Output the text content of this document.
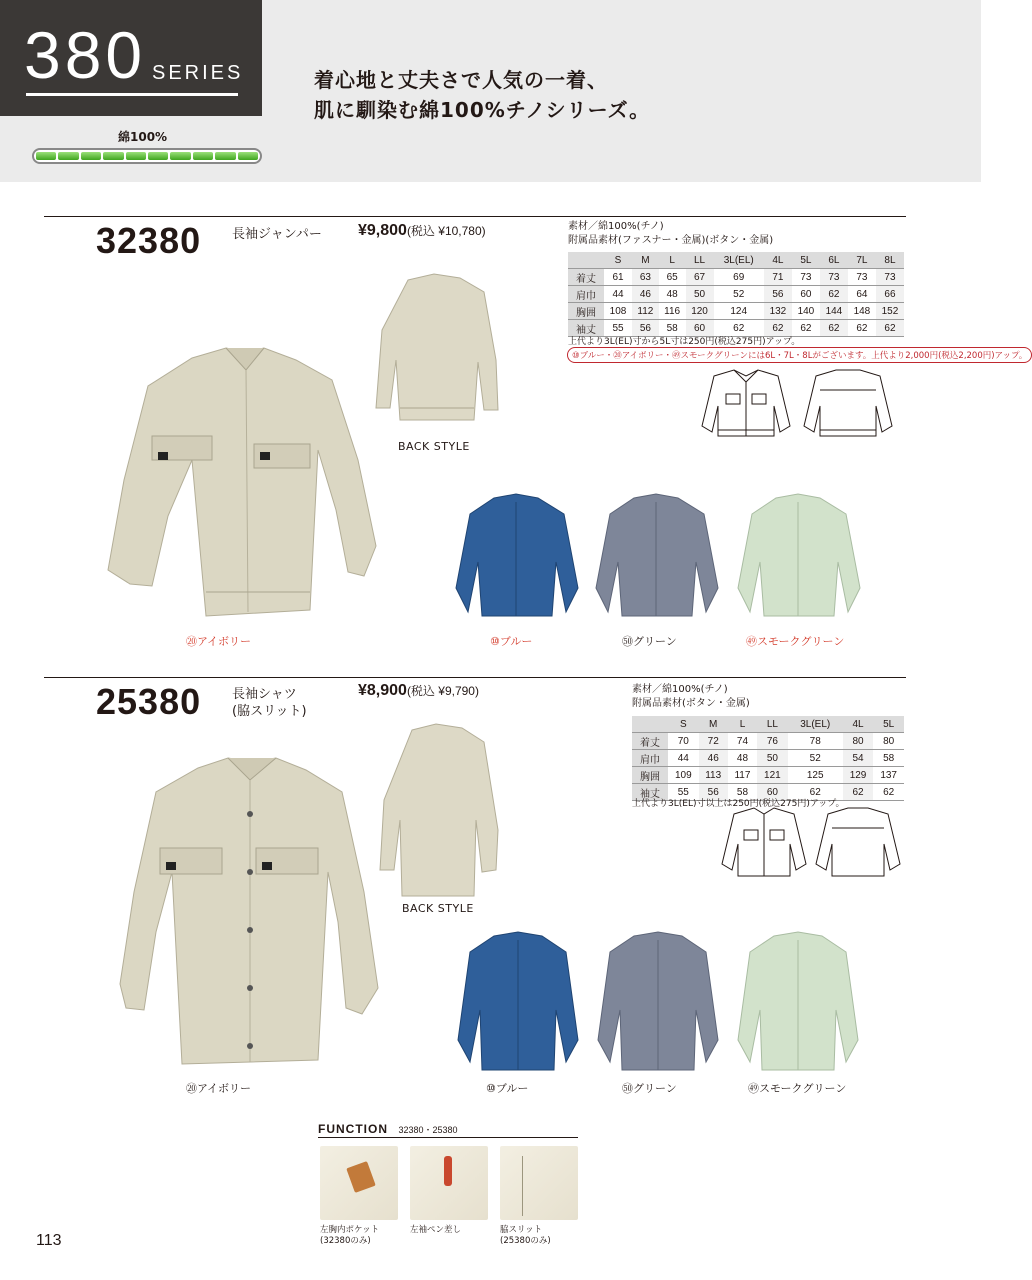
380 SERIES
綿100%
着心地と丈夫さで人気の一着、
肌に馴染む綿100%チノシリーズ。
32380 長袖ジャンパー ¥9,800(税込 ¥10,780)	素材／綿100%(チノ)
附属品素材(ファスナー・金属)(ボタン・金属)
	S	M	L	LL	3L(EL)	4L	5L	6L	7L	8L
着丈	61	63	65	67	69	71	73	73	73	73
肩巾	44	46	48	50	52	56	60	62	64	66
胸囲	108	112	116	120	124	132	140	144	148	152
袖丈	55	56	58	60	62	62	62	62	62	62
上代より3L(EL)寸から5L寸は250円(税込275円)アップ。
⑩ブルー・⑳アイボリー・㊾スモークグリーンには6L・7L・8Lがございます。上代より2,000円(税込2,200円)アップ。
BACK STYLE
⑳アイボリー	⑩ブルー	㊿グリーン	㊾スモークグリーン
25380 長袖シャツ
(脇スリット)
¥8,900(税込 ¥9,790)	素材／綿100%(チノ)
附属品素材(ボタン・金属)
	S	M	L	LL	3L(EL)	4L	5L
着丈	70	72	74	76	78	80	80
肩巾	44	46	48	50	52	54	58
胸囲	109	113	117	121	125	129	137
袖丈	55	56	58	60	62	62	62
上代より3L(EL)寸以上は250円(税込275円)アップ。
BACK STYLE
⑳アイボリー	⑩ブルー	㊿グリーン	㊾スモークグリーン
FUNCTION 32380・25380
左胸内ポケット
(32380のみ)
左袖ペン差し	脇スリット
(25380のみ)
113
